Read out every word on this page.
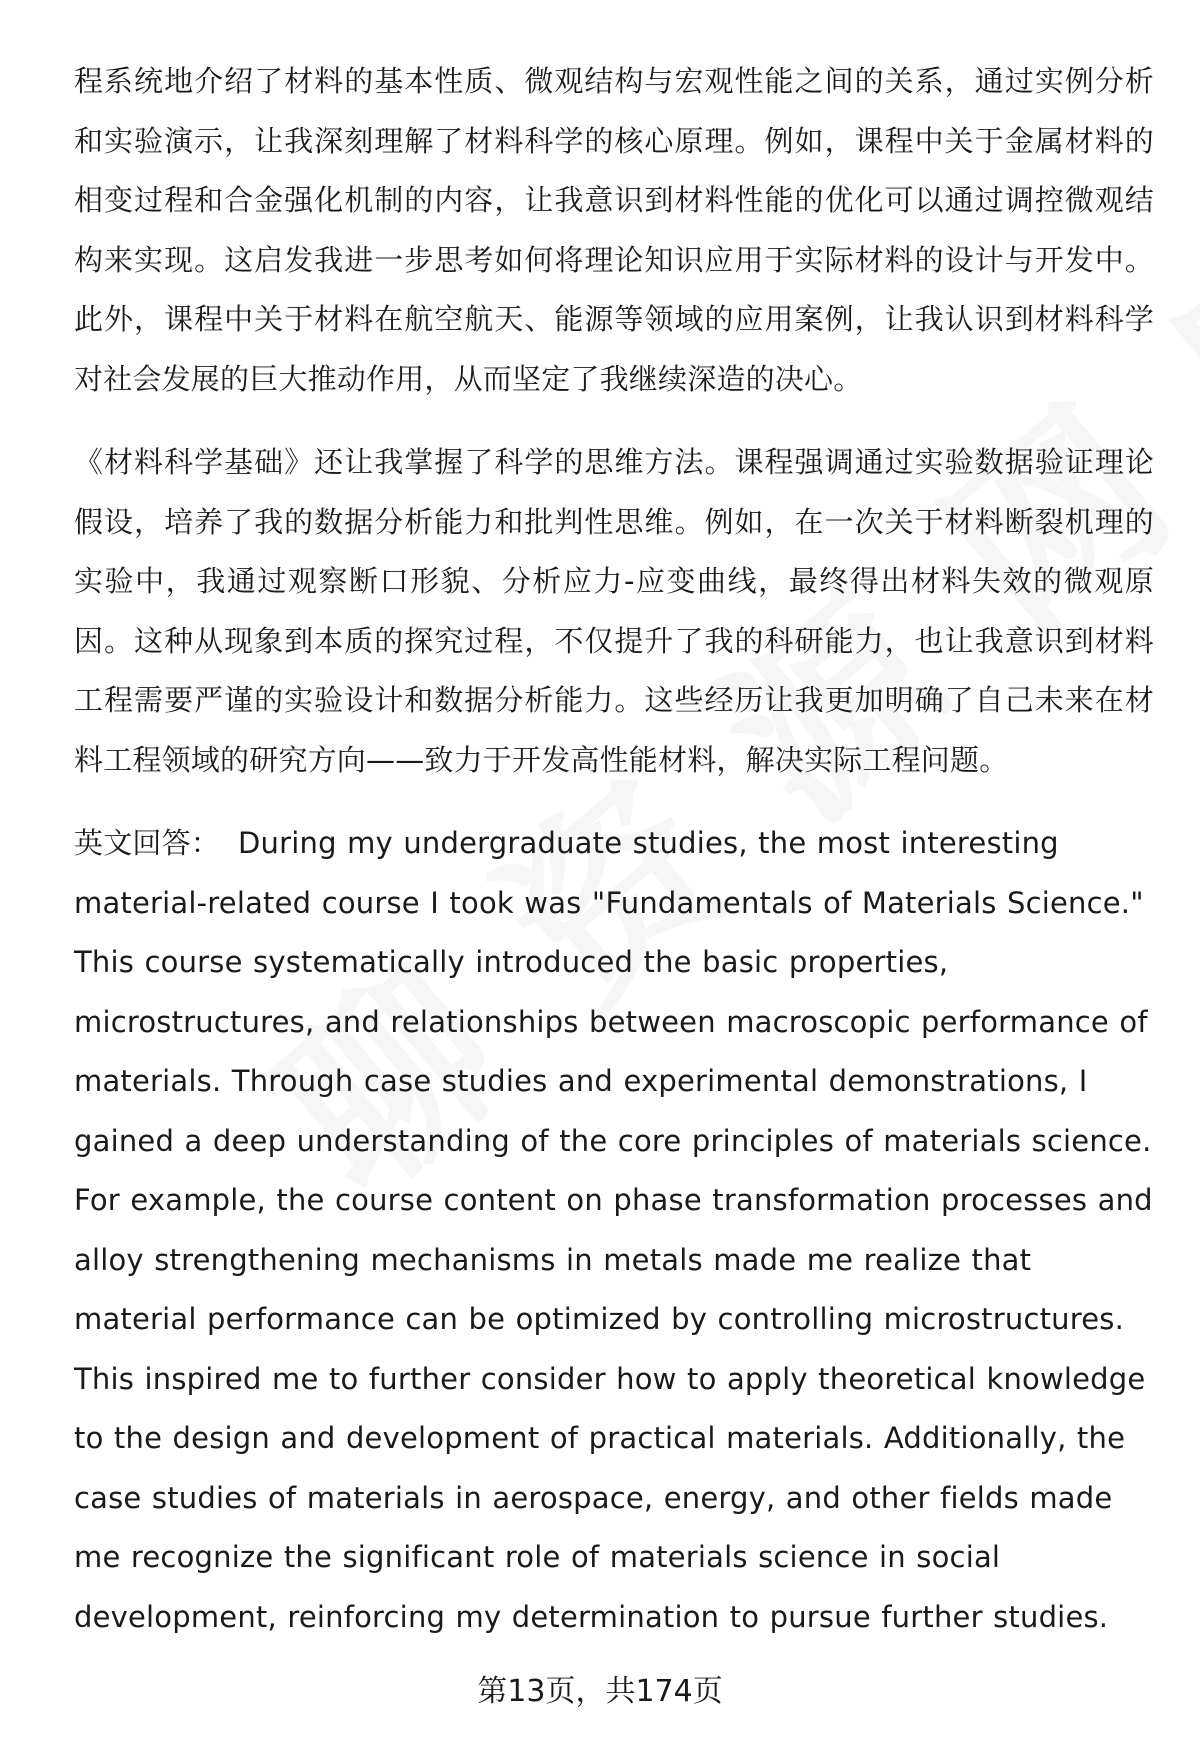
程系统地介绍了材料的基本性质、微观结构与宏观性能之间的关系，通过实例分析和实验演示，让我深刻理解了材料科学的核心原理。例如，课程中关于金属材料的相变过程和合金强化机制的内容，让我意识到材料性能的优化可以通过调控微观结构来实现。这启发我进一步思考如何将理论知识应用于实际材料的设计与开发中。此外，课程中关于材料在航空航天、能源等领域的应用案例，让我认识到材料科学对社会发展的巨大推动作用，从而坚定了我继续深造的决心。

《材料科学基础》还让我掌握了科学的思维方法。课程强调通过实验数据验证理论假设，培养了我的数据分析能力和批判性思维。例如，在一次关于材料断裂机理的实验中，我通过观察断口形貌、分析应力-应变曲线，最终得出材料失效的微观原因。这种从现象到本质的探究过程，不仅提升了我的科研能力，也让我意识到材料工程需要严谨的实验设计和数据分析能力。这些经历让我更加明确了自己未来在材料工程领域的研究方向——致力于开发高性能材料，解决实际工程问题。

英文回答： During my undergraduate studies, the most interesting material-related course I took was "Fundamentals of Materials Science." This course systematically introduced the basic properties, microstructures, and relationships between macroscopic performance of materials. Through case studies and experimental demonstrations, I gained a deep understanding of the core principles of materials science. For example, the course content on phase transformation processes and alloy strengthening mechanisms in metals made me realize that material performance can be optimized by controlling microstructures. This inspired me to further consider how to apply theoretical knowledge to the design and development of practical materials. Additionally, the case studies of materials in aerospace, energy, and other fields made me recognize the significant role of materials science in social development, reinforcing my determination to pursue further studies.

第13页，共174页
